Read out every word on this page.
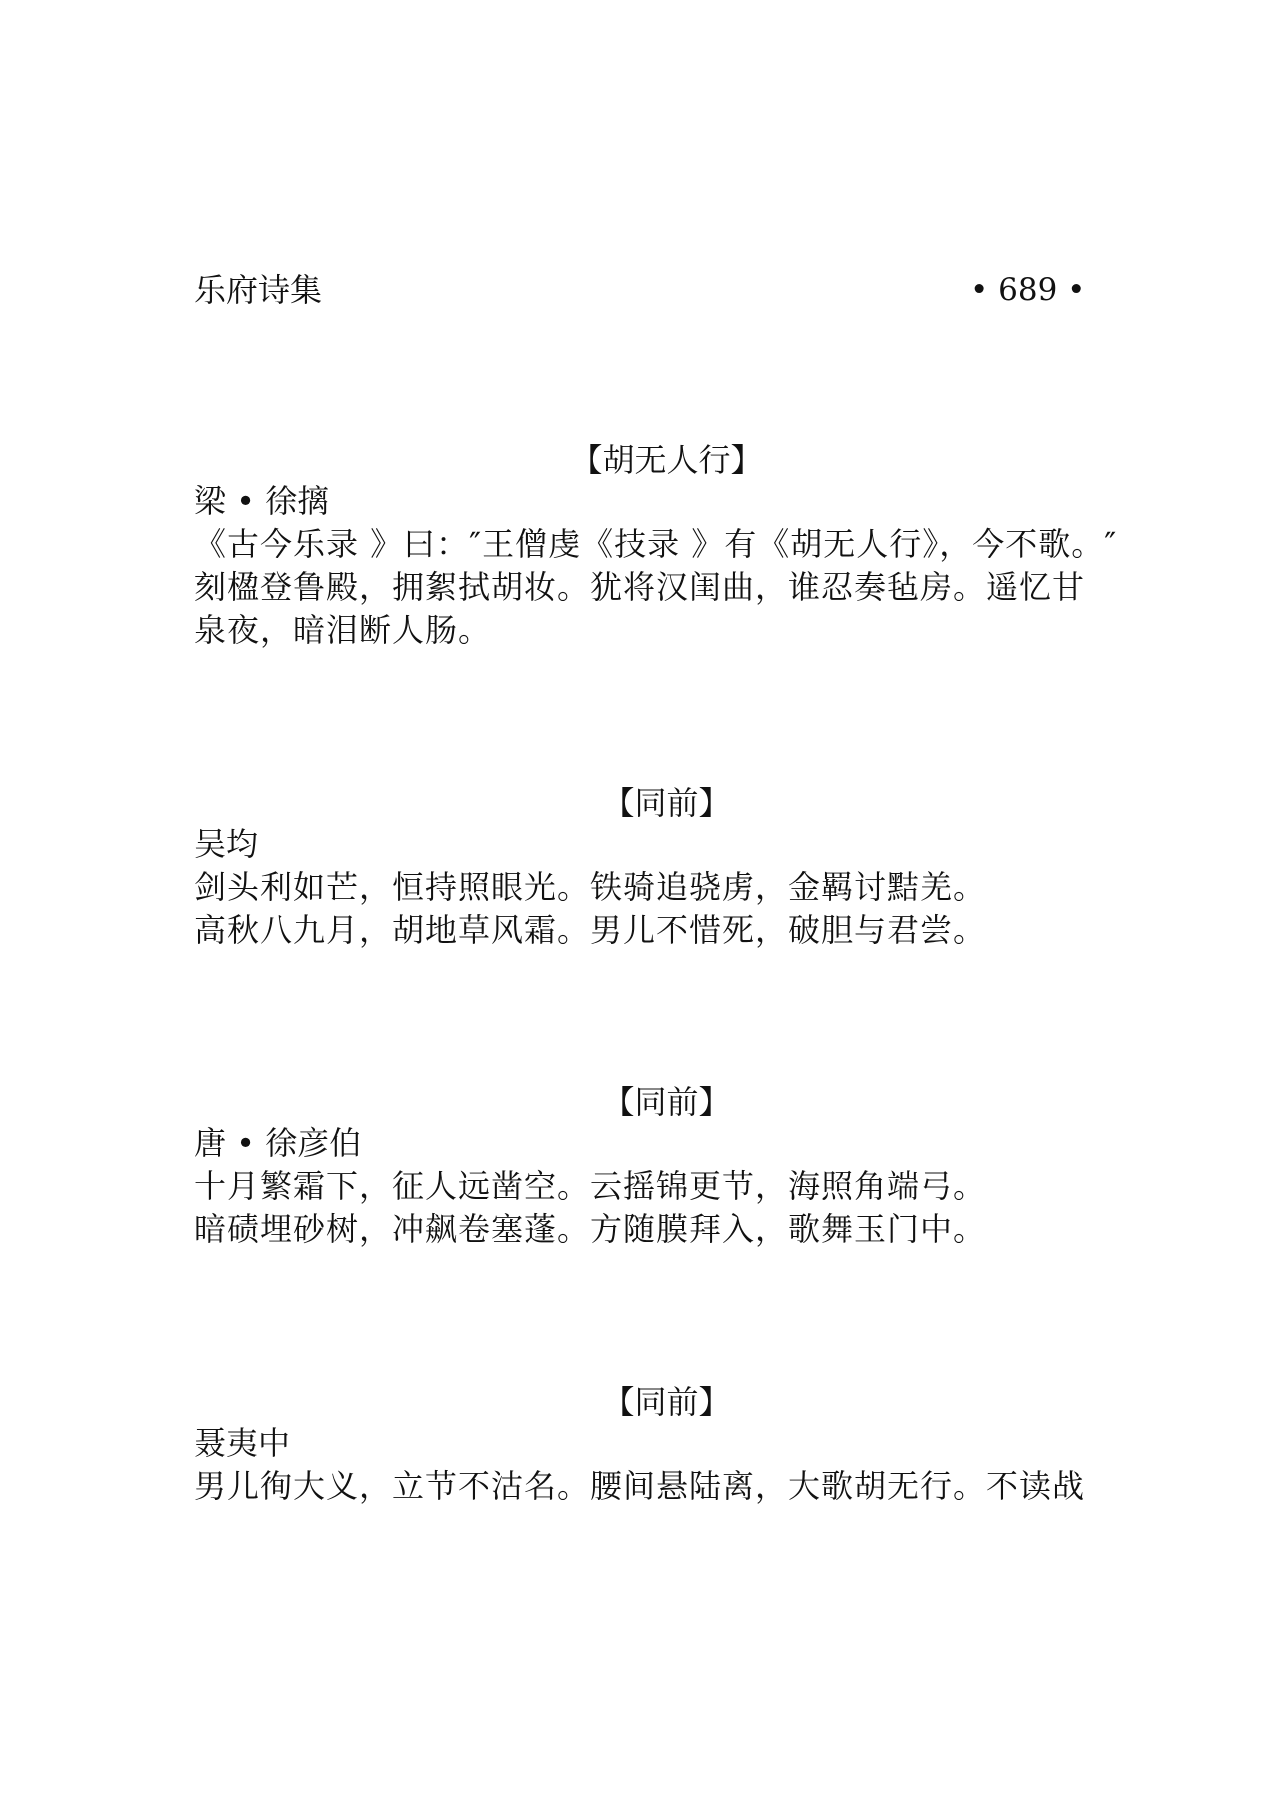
乐府诗集	• 689 •
【胡无人行】
梁 • 徐摛
《古今乐录 》曰：″王僧虔《技录 》有《胡无人行》，今不歌。″
刻楹登鲁殿，拥絮拭胡妆。犹将汉闺曲，谁忍奏毡房。遥忆甘
泉夜，暗泪断人肠。
【同前】
吴均
剑头利如芒，恒持照眼光。铁骑追骁虏，金羁讨黠羌。
高秋八九月，胡地草风霜。男儿不惜死，破胆与君尝。
【同前】
唐 • 徐彦伯
十月繁霜下，征人远凿空。云摇锦更节，海照角端弓。
暗碛埋砂树，冲飙卷塞蓬。方随膜拜入，歌舞玉门中。
【同前】
聂夷中
男儿徇大义，立节不沽名。腰间悬陆离，大歌胡无行。不读战
